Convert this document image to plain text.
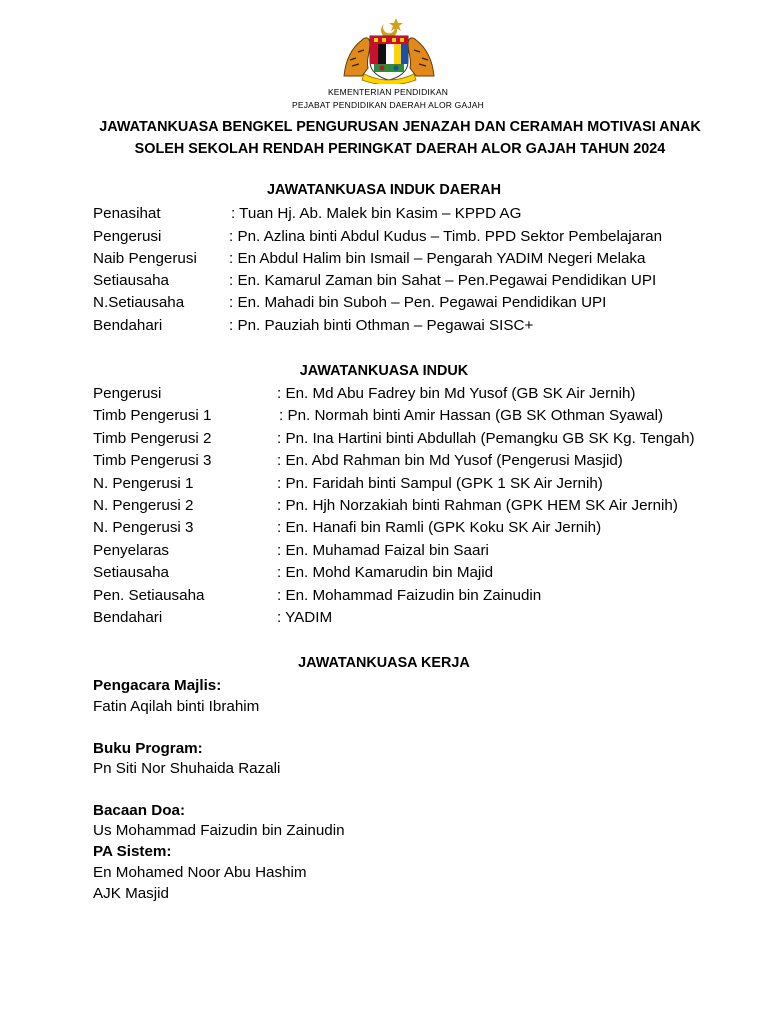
KEMENTERIAN PENDIDIKAN
PEJABAT PENDIDIKAN DAERAH ALOR GAJAH
JAWATANKUASA BENGKEL PENGURUSAN JENAZAH DAN CERAMAH MOTIVASI ANAK
SOLEH SEKOLAH RENDAH PERINGKAT DAERAH ALOR GAJAH TAHUN 2024
JAWATANKUASA INDUK DAERAH
Penasihat	: Tuan Hj. Ab. Malek bin Kasim – KPPD AG
Pengerusi	: Pn. Azlina binti Abdul Kudus – Timb. PPD Sektor Pembelajaran
Naib Pengerusi : En Abdul Halim bin Ismail – Pengarah YADIM Negeri Melaka
Setiausaha	: En. Kamarul Zaman bin Sahat – Pen.Pegawai Pendidikan UPI
N.Setiausaha	: En. Mahadi bin Suboh – Pen. Pegawai Pendidikan UPI
Bendahari	: Pn. Pauziah binti Othman – Pegawai SISC+
JAWATANKUASA INDUK
Pengerusi	: En. Md Abu Fadrey bin Md Yusof (GB SK Air Jernih)
Timb Pengerusi 1	: Pn. Normah binti Amir Hassan (GB SK Othman Syawal)
Timb Pengerusi 2	: Pn. Ina Hartini binti Abdullah (Pemangku GB SK Kg. Tengah)
Timb Pengerusi 3	: En. Abd Rahman bin Md Yusof (Pengerusi Masjid)
N. Pengerusi 1	: Pn. Faridah binti Sampul (GPK 1 SK Air Jernih)
N. Pengerusi 2	: Pn. Hjh Norzakiah binti Rahman (GPK HEM SK Air Jernih)
N. Pengerusi 3	: En. Hanafi bin Ramli (GPK Koku SK Air Jernih)
Penyelaras	: En. Muhamad Faizal bin Saari
Setiausaha	: En. Mohd Kamarudin bin Majid
Pen. Setiausaha	: En. Mohammad Faizudin bin Zainudin
Bendahari	: YADIM
JAWATANKUASA KERJA
Pengacara Majlis:
Fatin Aqilah binti Ibrahim
Buku Program:
Pn Siti Nor Shuhaida Razali
Bacaan Doa:
Us Mohammad Faizudin bin Zainudin
PA Sistem:
En Mohamed Noor Abu Hashim
AJK Masjid
